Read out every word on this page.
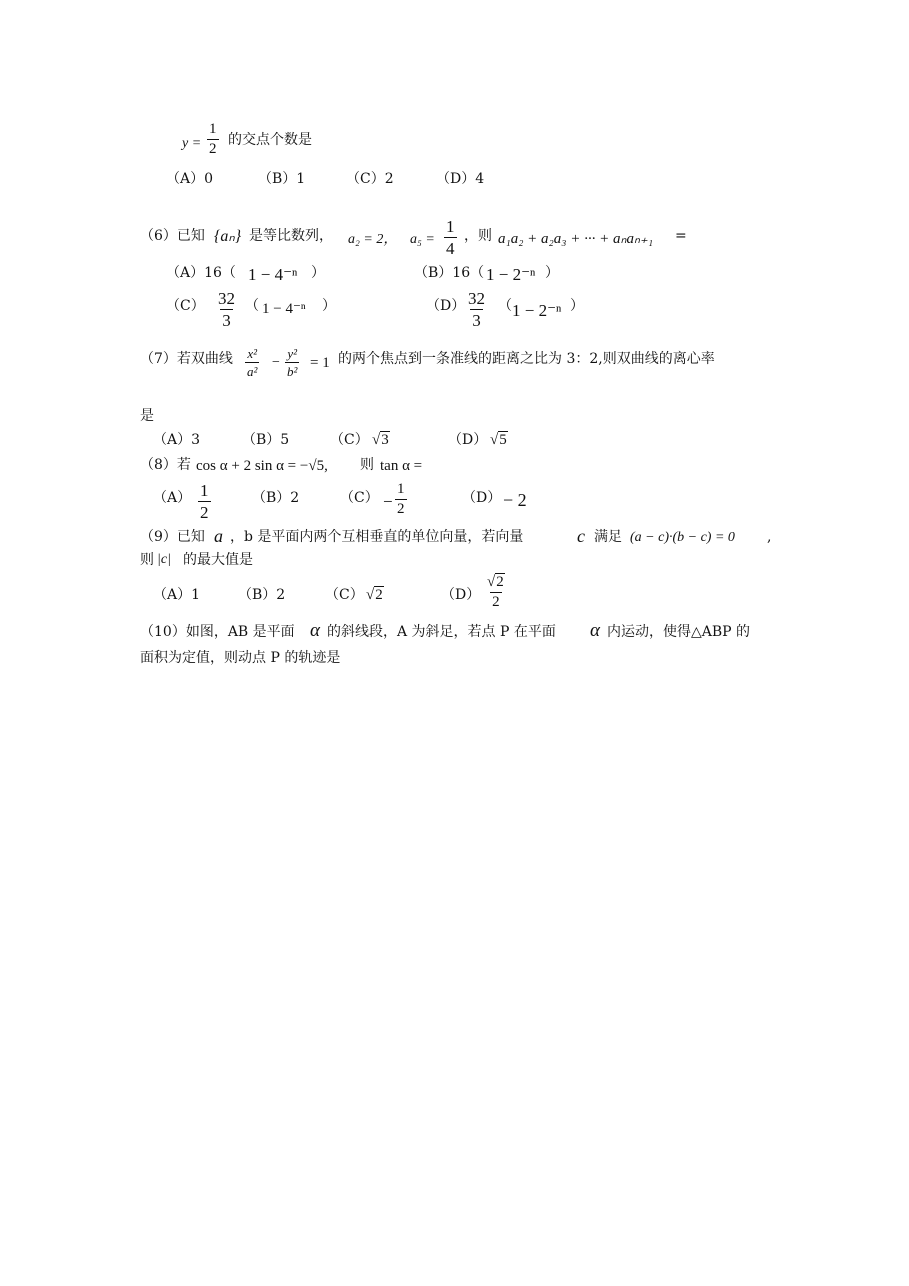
$y = \frac{1}{2}$ 的交点个数是
（A）0	（B）1	（C）2	（D）4
（6）已知 {aₙ} 是等比数列， a₂ = 2， $a_5 = \frac{1}{4}$ ，则 a₁a₂ + a₂a₃ + ··· + aₙaₙ₊₁ =
（A）16（ 1 − 4⁻ⁿ ）	（B）16（ 1 − 2⁻ⁿ ）
$(C) \frac{32}{3}$ （ 1 − 4⁻ⁿ ）	$(D) \frac{32}{3}$ （ 1 − 2⁻ⁿ ）
（7）若双曲线 $\frac{\text{x²}}{\text{a²}} - \frac{\text{y²}}{\text{b²}} = 1$ 的两个焦点到一条准线的距离之比为 3：2,则双曲线的离心率
是
（A）3	（B）5	（C） √3	（D） √5
（8）若 cos α + 2 sin α = −√5, 则 tan α =
$(A) \frac{1}{2}$	（B）2	$(C) - \frac{1}{2}$	（D） − 2
（9）已知 a ，b 是平面内两个互相垂直的单位向量，若向量	c 满足 (a − c)·(b − c) = 0 ,
则 |c| 的最大值是
（A）1	（B）2	（C） √2	$(D) \frac{√2}{2}$
（10）如图，AB 是平面 α 的斜线段，A 为斜足，若点 P 在平面 α 内运动，使得△ABP 的
面积为定值，则动点 P 的轨迹是
